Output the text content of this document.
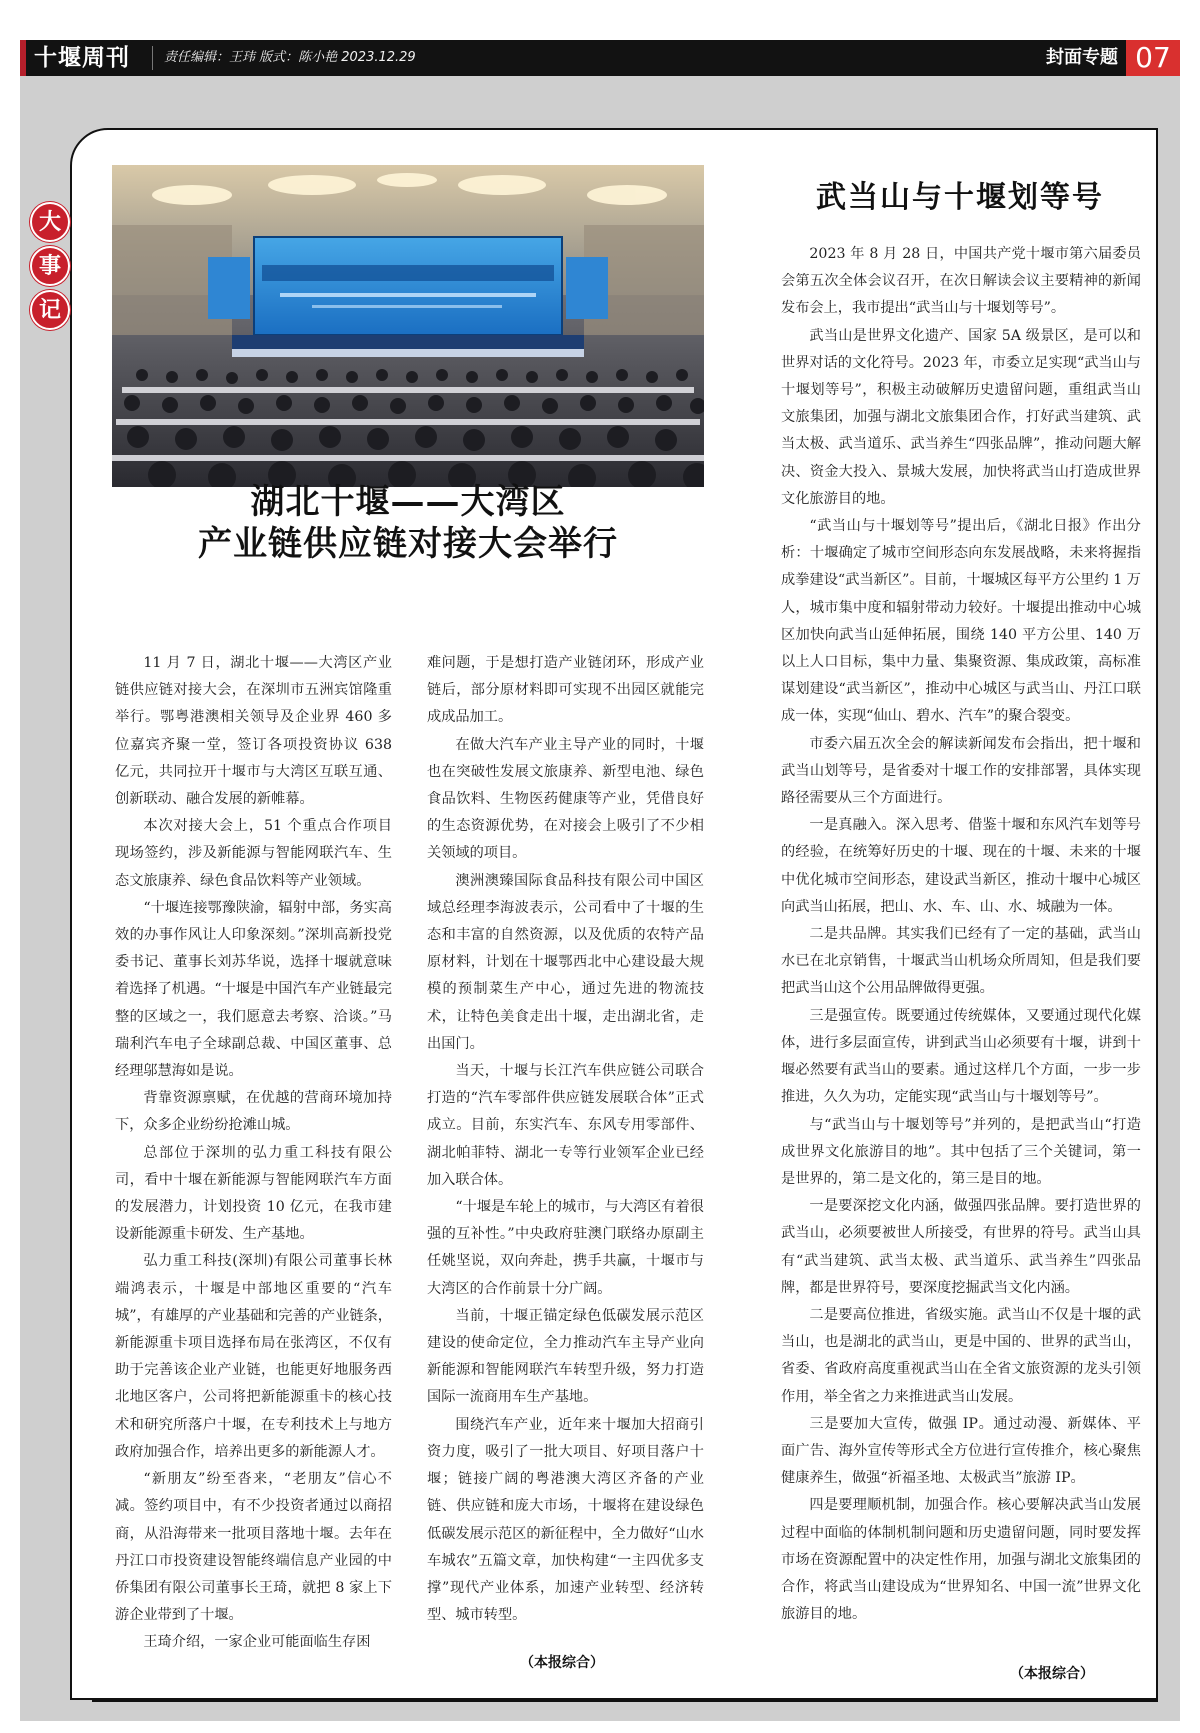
十堰周刊	责任编辑：王玮 版式：陈小艳 2023.12.29	封面专题 07
大
事
记
湖北十堰——大湾区
产业链供应链对接大会举行

11 月 7 日，湖北十堰——大湾区产业链供应链对接大会，在深圳市五洲宾馆隆重举行。鄂粤港澳相关领导及企业界 460 多位嘉宾齐聚一堂，签订各项投资协议 638 亿元，共同拉开十堰市与大湾区互联互通、创新联动、融合发展的新帷幕。

本次对接大会上，51 个重点合作项目现场签约，涉及新能源与智能网联汽车、生态文旅康养、绿色食品饮料等产业领域。

“十堰连接鄂豫陕渝，辐射中部，务实高效的办事作风让人印象深刻。”深圳高新投党委书记、董事长刘苏华说，选择十堰就意味着选择了机遇。“十堰是中国汽车产业链最完整的区域之一，我们愿意去考察、洽谈。”马瑞利汽车电子全球副总裁、中国区董事、总经理邬慧海如是说。

背靠资源禀赋，在优越的营商环境加持下，众多企业纷纷抢滩山城。

总部位于深圳的弘力重工科技有限公司，看中十堰在新能源与智能网联汽车方面的发展潜力，计划投资 10 亿元，在我市建设新能源重卡研发、生产基地。

弘力重工科技(深圳)有限公司董事长林端鸿表示，十堰是中部地区重要的“汽车城”，有雄厚的产业基础和完善的产业链条，新能源重卡项目选择布局在张湾区，不仅有助于完善该企业产业链，也能更好地服务西北地区客户，公司将把新能源重卡的核心技术和研究所落户十堰，在专利技术上与地方政府加强合作，培养出更多的新能源人才。

“新朋友”纷至沓来，“老朋友”信心不减。签约项目中，有不少投资者通过以商招商，从沿海带来一批项目落地十堰。去年在丹江口市投资建设智能终端信息产业园的中侨集团有限公司董事长王琦，就把 8 家上下游企业带到了十堰。

王琦介绍，一家企业可能面临生存困

难问题，于是想打造产业链闭环，形成产业链后，部分原材料即可实现不出园区就能完成成品加工。

在做大汽车产业主导产业的同时，十堰也在突破性发展文旅康养、新型电池、绿色食品饮料、生物医药健康等产业，凭借良好的生态资源优势，在对接会上吸引了不少相关领域的项目。

澳洲澳臻国际食品科技有限公司中国区域总经理李海波表示，公司看中了十堰的生态和丰富的自然资源，以及优质的农特产品原材料，计划在十堰鄂西北中心建设最大规模的预制菜生产中心，通过先进的物流技术，让特色美食走出十堰，走出湖北省，走出国门。

当天，十堰与长江汽车供应链公司联合打造的“汽车零部件供应链发展联合体”正式成立。目前，东实汽车、东风专用零部件、湖北帕菲特、湖北一专等行业领军企业已经加入联合体。

“十堰是车轮上的城市，与大湾区有着很强的互补性。”中央政府驻澳门联络办原副主任姚坚说，双向奔赴，携手共赢，十堰市与大湾区的合作前景十分广阔。

当前，十堰正锚定绿色低碳发展示范区建设的使命定位，全力推动汽车主导产业向新能源和智能网联汽车转型升级，努力打造国际一流商用车生产基地。

围绕汽车产业，近年来十堰加大招商引资力度，吸引了一批大项目、好项目落户十堰；链接广阔的粤港澳大湾区齐备的产业链、供应链和庞大市场，十堰将在建设绿色低碳发展示范区的新征程中，全力做好“山水车城农”五篇文章，加快构建“一主四优多支撑”现代产业体系，加速产业转型、经济转型、城市转型。

（本报综合）
武当山与十堰划等号

2023 年 8 月 28 日，中国共产党十堰市第六届委员会第五次全体会议召开，在次日解读会议主要精神的新闻发布会上，我市提出“武当山与十堰划等号”。

武当山是世界文化遗产、国家 5A 级景区，是可以和世界对话的文化符号。2023 年，市委立足实现“武当山与十堰划等号”，积极主动破解历史遗留问题，重组武当山文旅集团，加强与湖北文旅集团合作，打好武当建筑、武当太极、武当道乐、武当养生“四张品牌”，推动问题大解决、资金大投入、景城大发展，加快将武当山打造成世界文化旅游目的地。

“武当山与十堰划等号”提出后，《湖北日报》作出分析：十堰确定了城市空间形态向东发展战略，未来将握指成拳建设“武当新区”。目前，十堰城区每平方公里约 1 万人，城市集中度和辐射带动力较好。十堰提出推动中心城区加快向武当山延伸拓展，围绕 140 平方公里、140 万以上人口目标，集中力量、集聚资源、集成政策，高标准谋划建设“武当新区”，推动中心城区与武当山、丹江口联成一体，实现“仙山、碧水、汽车”的聚合裂变。

市委六届五次全会的解读新闻发布会指出，把十堰和武当山划等号，是省委对十堰工作的安排部署，具体实现路径需要从三个方面进行。

一是真融入。深入思考、借鉴十堰和东风汽车划等号的经验，在统筹好历史的十堰、现在的十堰、未来的十堰中优化城市空间形态，建设武当新区，推动十堰中心城区向武当山拓展，把山、水、车、山、水、城融为一体。

二是共品牌。其实我们已经有了一定的基础，武当山水已在北京销售，十堰武当山机场众所周知，但是我们要把武当山这个公用品牌做得更强。

三是强宣传。既要通过传统媒体，又要通过现代化媒体，进行多层面宣传，讲到武当山必须要有十堰，讲到十堰必然要有武当山的要素。通过这样几个方面，一步一步推进，久久为功，定能实现“武当山与十堰划等号”。

与“武当山与十堰划等号”并列的，是把武当山“打造成世界文化旅游目的地”。其中包括了三个关键词，第一是世界的，第二是文化的，第三是目的地。

一是要深挖文化内涵，做强四张品牌。要打造世界的武当山，必须要被世人所接受，有世界的符号。武当山具有“武当建筑、武当太极、武当道乐、武当养生”四张品牌，都是世界符号，要深度挖掘武当文化内涵。

二是要高位推进，省级实施。武当山不仅是十堰的武当山，也是湖北的武当山，更是中国的、世界的武当山，省委、省政府高度重视武当山在全省文旅资源的龙头引领作用，举全省之力来推进武当山发展。

三是要加大宣传，做强 IP。通过动漫、新媒体、平面广告、海外宣传等形式全方位进行宣传推介，核心聚焦健康养生，做强“祈福圣地、太极武当”旅游 IP。

四是要理顺机制，加强合作。核心要解决武当山发展过程中面临的体制机制问题和历史遗留问题，同时要发挥市场在资源配置中的决定性作用，加强与湖北文旅集团的合作，将武当山建设成为“世界知名、中国一流”世界文化旅游目的地。

（本报综合）
